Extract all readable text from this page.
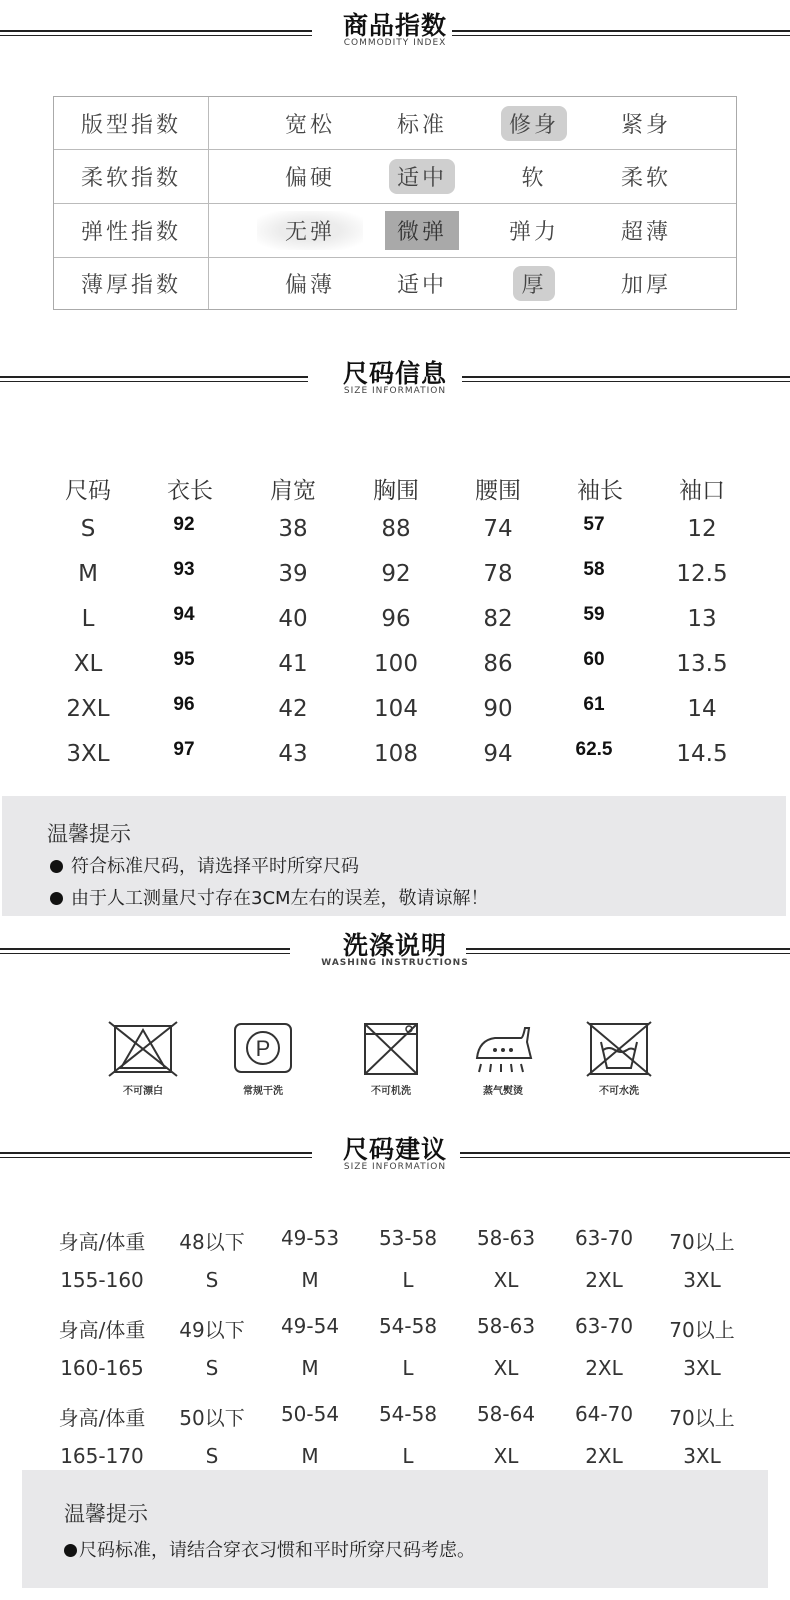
商品指数
COMMODITY INDEX
版型指数	宽松	标准	修身	紧身
柔软指数	偏硬	适中	软	柔软
弹性指数	无弹	微弹	弹力	超薄
薄厚指数	偏薄	适中	厚	加厚
尺码信息
SIZE INFORMATION
尺码	衣长	肩宽	胸围	腰围	袖长	袖口
S	92	38	88	74	57	12
M	93	39	92	78	58	12.5
L	94	40	96	82	59	13
XL	95	41	100	86	60	13.5
2XL	96	42	104	90	61	14
3XL	97	43	108	94	62.5	14.5
温馨提示
符合标准尺码，请选择平时所穿尺码
由于人工测量尺寸存在3CM左右的误差，敬请谅解！
洗涤说明
WASHING INSTRUCTIONS
不可漂白
P
常规干洗	不可机洗	蒸气熨烫	不可水洗
尺码建议
SIZE INFORMATION
身高/体重	48以下	49-53	53-58	58-63	63-70	70以上
155-160	S	M	L	XL	2XL	3XL
身高/体重	49以下	49-54	54-58	58-63	63-70	70以上
160-165	S	M	L	XL	2XL	3XL
身高/体重	50以下	50-54	54-58	58-64	64-70	70以上
165-170	S	M	L	XL	2XL	3XL
温馨提示
尺码标准，请结合穿衣习惯和平时所穿尺码考虑。
